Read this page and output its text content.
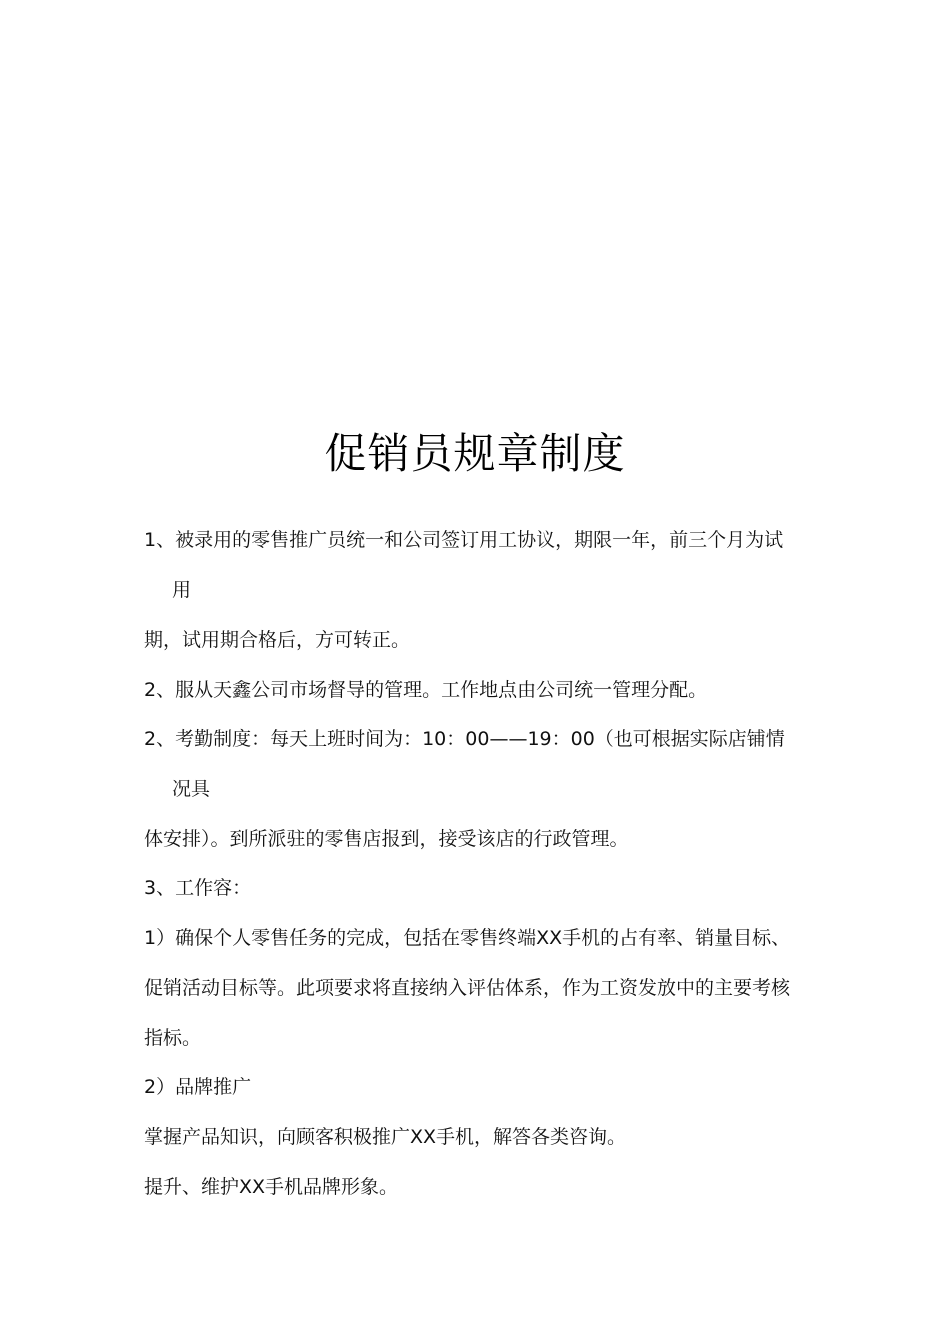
促销员规章制度
1、被录用的零售推广员统一和公司签订用工协议，期限一年，前三个月为试
用
期，试用期合格后，方可转正。
2、服从天鑫公司市场督导的管理。工作地点由公司统一管理分配。
2、考勤制度：每天上班时间为：10：00——19：00（也可根据实际店铺情
况具
体安排）。到所派驻的零售店报到，接受该店的行政管理。
3、工作容：
1）确保个人零售任务的完成，包括在零售终端XX手机的占有率、销量目标、
促销活动目标等。此项要求将直接纳入评估体系，作为工资发放中的主要考核
指标。
2）品牌推广
掌握产品知识，向顾客积极推广XX手机，解答各类咨询。
提升、维护XX手机品牌形象。
